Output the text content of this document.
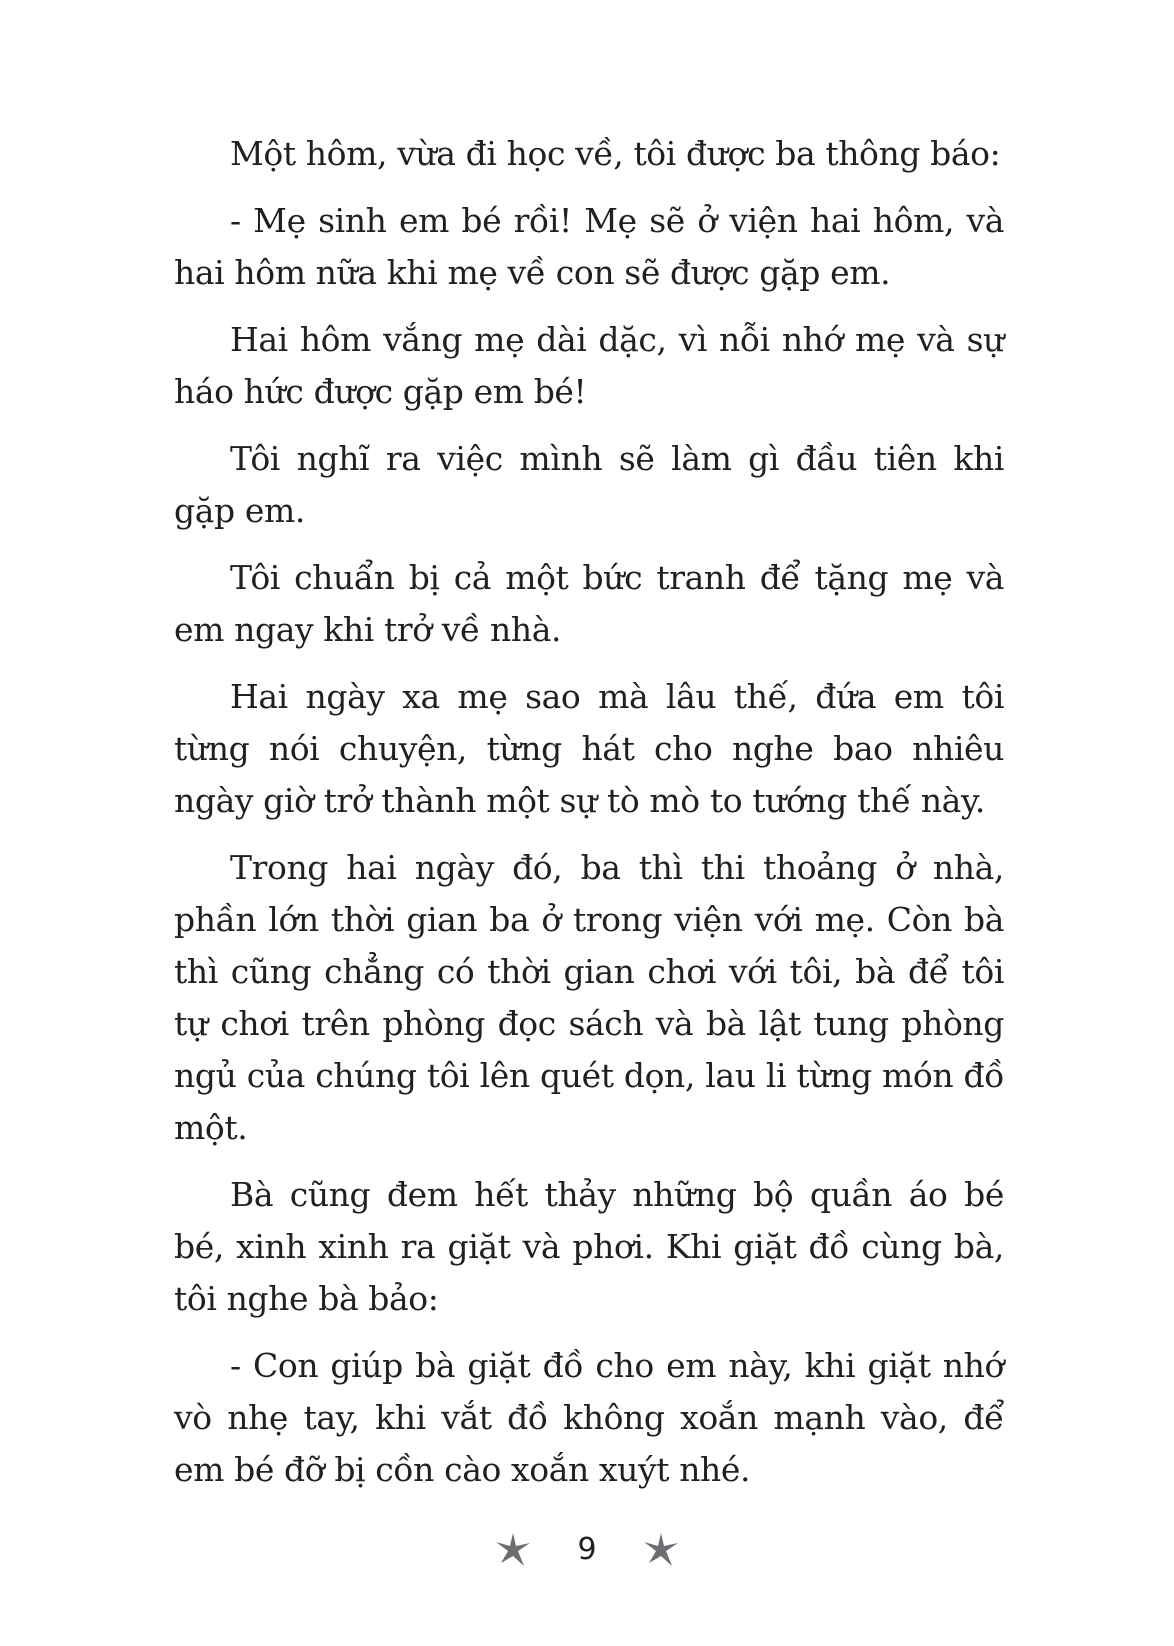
Một hôm, vừa đi học về, tôi được ba thông báo:

- Mẹ sinh em bé rồi! Mẹ sẽ ở viện hai hôm, và hai hôm nữa khi mẹ về con sẽ được gặp em.

Hai hôm vắng mẹ dài dặc, vì nỗi nhớ mẹ và sự háo hức được gặp em bé!

Tôi nghĩ ra việc mình sẽ làm gì đầu tiên khi gặp em.

Tôi chuẩn bị cả một bức tranh để tặng mẹ và em ngay khi trở về nhà.

Hai ngày xa mẹ sao mà lâu thế, đứa em tôi từng nói chuyện, từng hát cho nghe bao nhiêu ngày giờ trở thành một sự tò mò to tướng thế này.

Trong hai ngày đó, ba thì thi thoảng ở nhà, phần lớn thời gian ba ở trong viện với mẹ. Còn bà thì cũng chẳng có thời gian chơi với tôi, bà để tôi tự chơi trên phòng đọc sách và bà lật tung phòng ngủ của chúng tôi lên quét dọn, lau li từng món đồ một.

Bà cũng đem hết thảy những bộ quần áo bé bé, xinh xinh ra giặt và phơi. Khi giặt đồ cùng bà, tôi nghe bà bảo:

- Con giúp bà giặt đồ cho em này, khi giặt nhớ vò nhẹ tay, khi vắt đồ không xoắn mạnh vào, để em bé đỡ bị cồn cào xoắn xuýt nhé.

9
